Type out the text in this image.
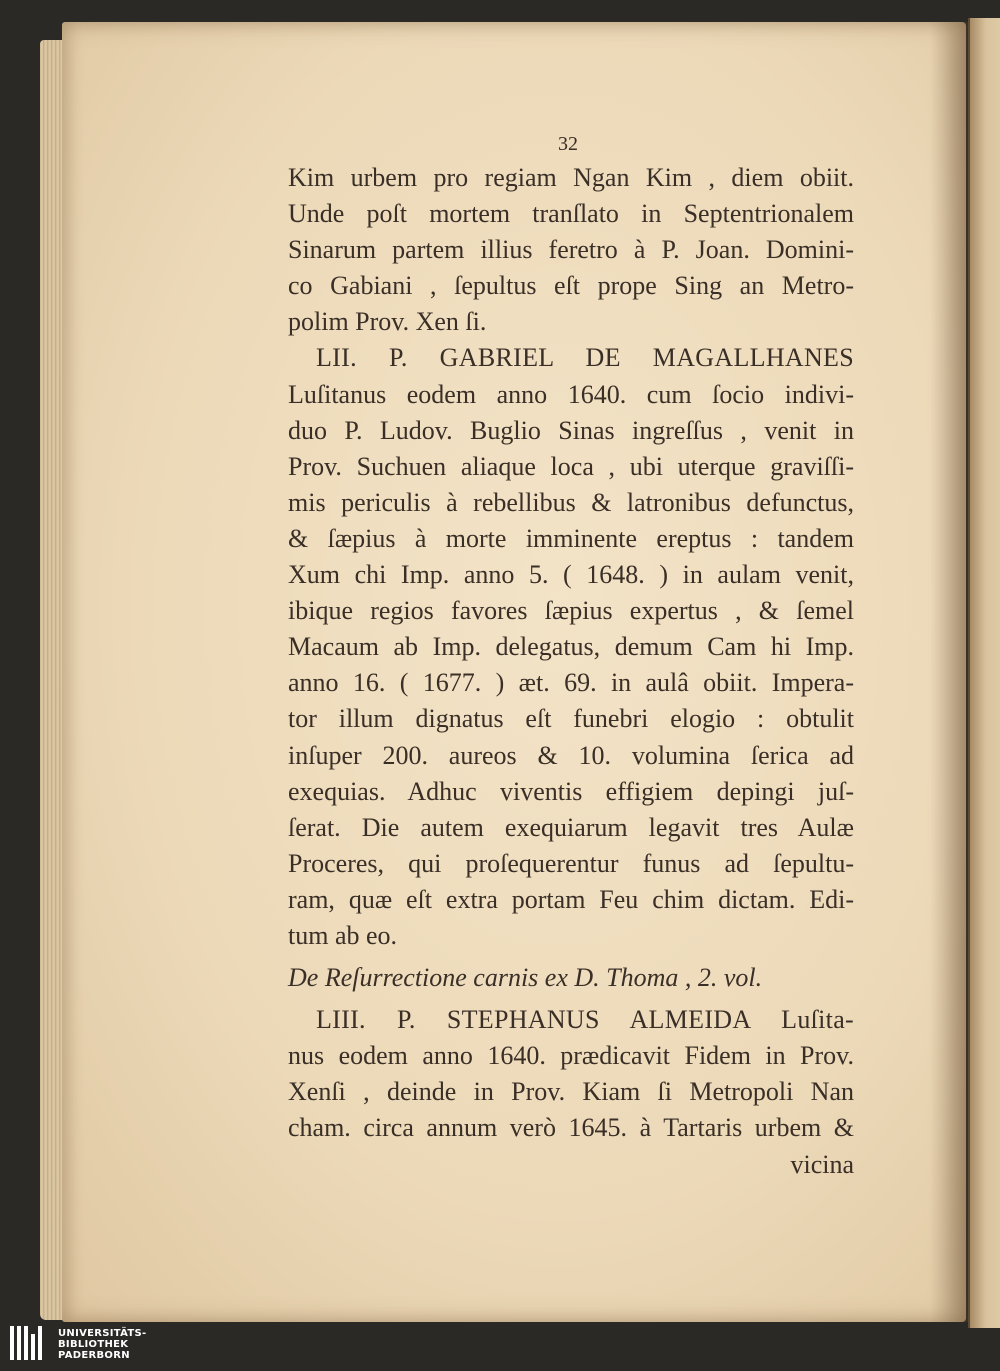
32
Kim urbem pro regiam Ngan Kim , diem obiit.
Unde poſt mortem tranſlato in Septentrionalem
Sinarum partem illius feretro à P. Joan. Domini-
co Gabiani , ſepultus eſt prope Sing an Metro-
polim Prov. Xen ſi.
LII. P. GABRIEL DE MAGALLHANES
Luſitanus eodem anno 1640. cum ſocio indivi-
duo P. Ludov. Buglio Sinas ingreſſus , venit in
Prov. Suchuen aliaque loca , ubi uterque graviſſi-
mis periculis à rebellibus & latronibus defunctus,
& ſæpius à morte imminente ereptus : tandem
Xum chi Imp. anno 5. ( 1648. ) in aulam venit,
ibique regios favores ſæpius expertus , & ſemel
Macaum ab Imp. delegatus, demum Cam hi Imp.
anno 16. ( 1677. ) æt. 69. in aulâ obiit. Impera-
tor illum dignatus eſt funebri elogio : obtulit
inſuper 200. aureos & 10. volumina ſerica ad
exequias. Adhuc viventis effigiem depingi juſ-
ſerat. Die autem exequiarum legavit tres Aulæ
Proceres, qui proſequerentur funus ad ſepultu-
ram, quæ eſt extra portam Feu chim dictam. Edi-
tum ab eo.
De Reſurrectione carnis ex D. Thoma , 2. vol.
LIII. P. STEPHANUS ALMEIDA Luſita-
nus eodem anno 1640. prædicavit Fidem in Prov.
Xenſi , deinde in Prov. Kiam ſi Metropoli Nan
cham. circa annum verò 1645. à Tartaris urbem &
vicina
UNIVERSITÄTS-
BIBLIOTHEK
PADERBORN
